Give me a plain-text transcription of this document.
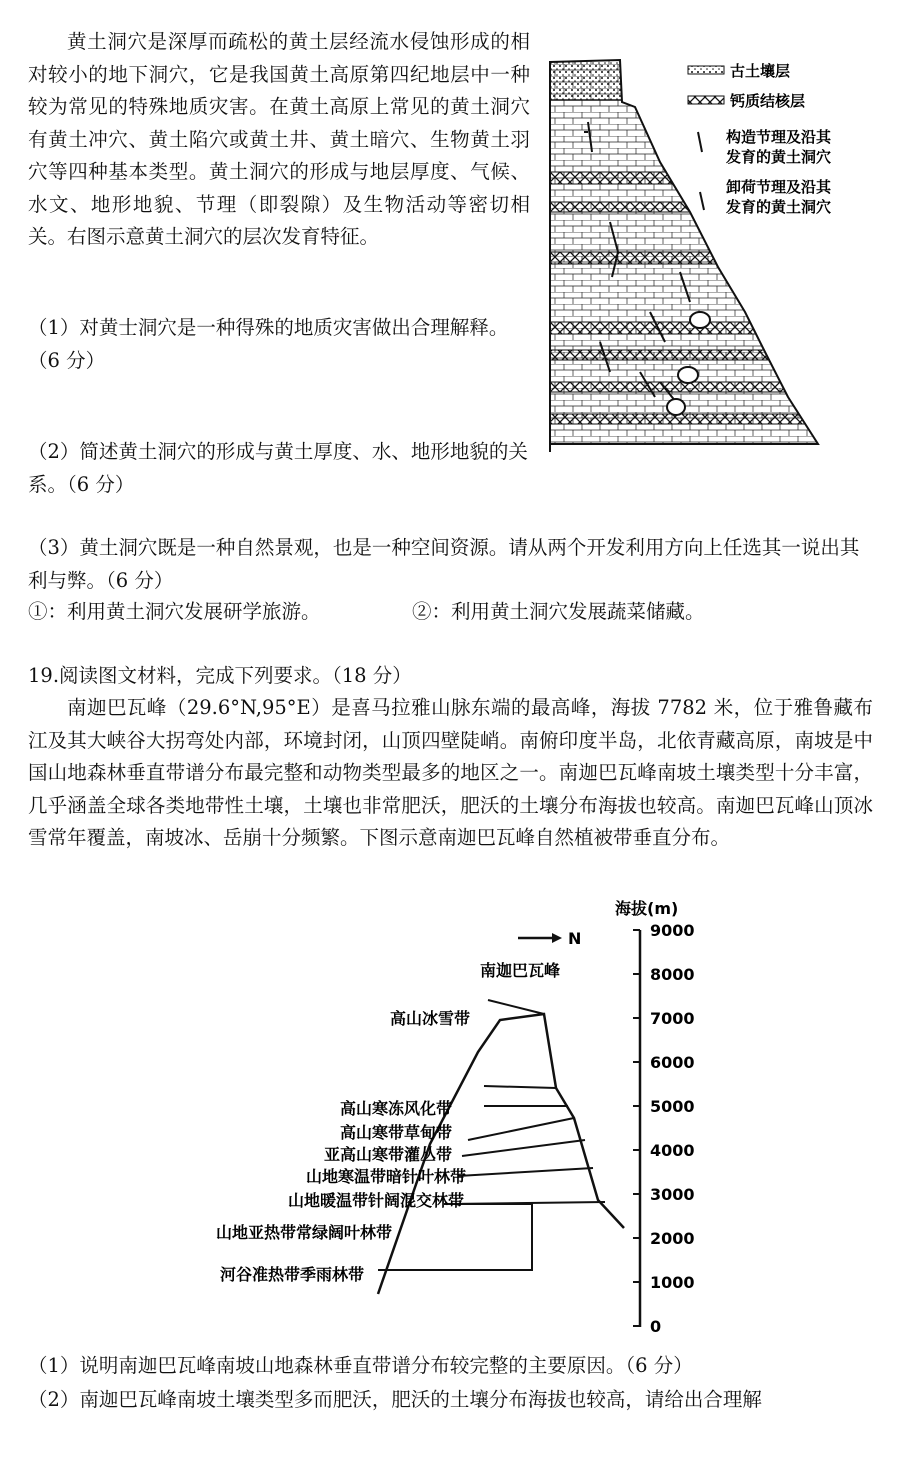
黄土洞穴是深厚而疏松的黄土层经流水侵蚀形成的相对较小的地下洞穴，它是我国黄土高原第四纪地层中一种较为常见的特殊地质灾害。在黄土高原上常见的黄土洞穴有黄土冲穴、黄土陷穴或黄土井、黄土暗穴、生物黄土羽穴等四种基本类型。黄土洞穴的形成与地层厚度、气候、水文、地形地貌、节理（即裂隙）及生物活动等密切相关。右图示意黄土洞穴的层次发育特征。

（1）对黄士洞穴是一种得殊的地质灾害做出合理解释。（6 分）

（2）简述黄土洞穴的形成与黄土厚度、水、地形地貌的关系。（6 分）

（3）黄土洞穴既是一种自然景观，也是一种空间资源。请从两个开发利用方向上任选其一说出其利与弊。（6 分）

①：利用黄土洞穴发展研学旅游。	②：利用黄土洞穴发展蔬菜储藏。

古土壤层
钙质结核层
构造节理及沿其
发育的黄土洞穴
卸荷节理及沿其
发育的黄土洞穴

19.阅读图文材料，完成下列要求。（18 分）

南迦巴瓦峰（29.6°N,95°E）是喜马拉雅山脉东端的最高峰，海拔 7782 米，位于雅鲁藏布江及其大峡谷大拐弯处内部，环境封闭，山顶四壁陡峭。南俯印度半岛，北依青藏高原，南坡是中国山地森林垂直带谱分布最完整和动物类型最多的地区之一。南迦巴瓦峰南坡土壤类型十分丰富，几乎涵盖全球各类地带性土壤，土壤也非常肥沃，肥沃的土壤分布海拔也较高。南迦巴瓦峰山顶冰雪常年覆盖，南坡冰、岳崩十分频繁。下图示意南迦巴瓦峰自然植被带垂直分布。

海拔(m)
9000
8000
7000
6000
5000
4000
3000
2000
1000
0
N
南迦巴瓦峰
高山冰雪带
高山寒冻风化带
高山寒带草甸带
亚高山寒带灌丛带
山地寒温带暗针叶林带
山地暖温带针阔混交林带
山地亚热带常绿阔叶林带
河谷准热带季雨林带

（1）说明南迦巴瓦峰南坡山地森林垂直带谱分布较完整的主要原因。（6 分）

（2）南迦巴瓦峰南坡土壤类型多而肥沃，肥沃的土壤分布海拔也较高，请给出合理解
